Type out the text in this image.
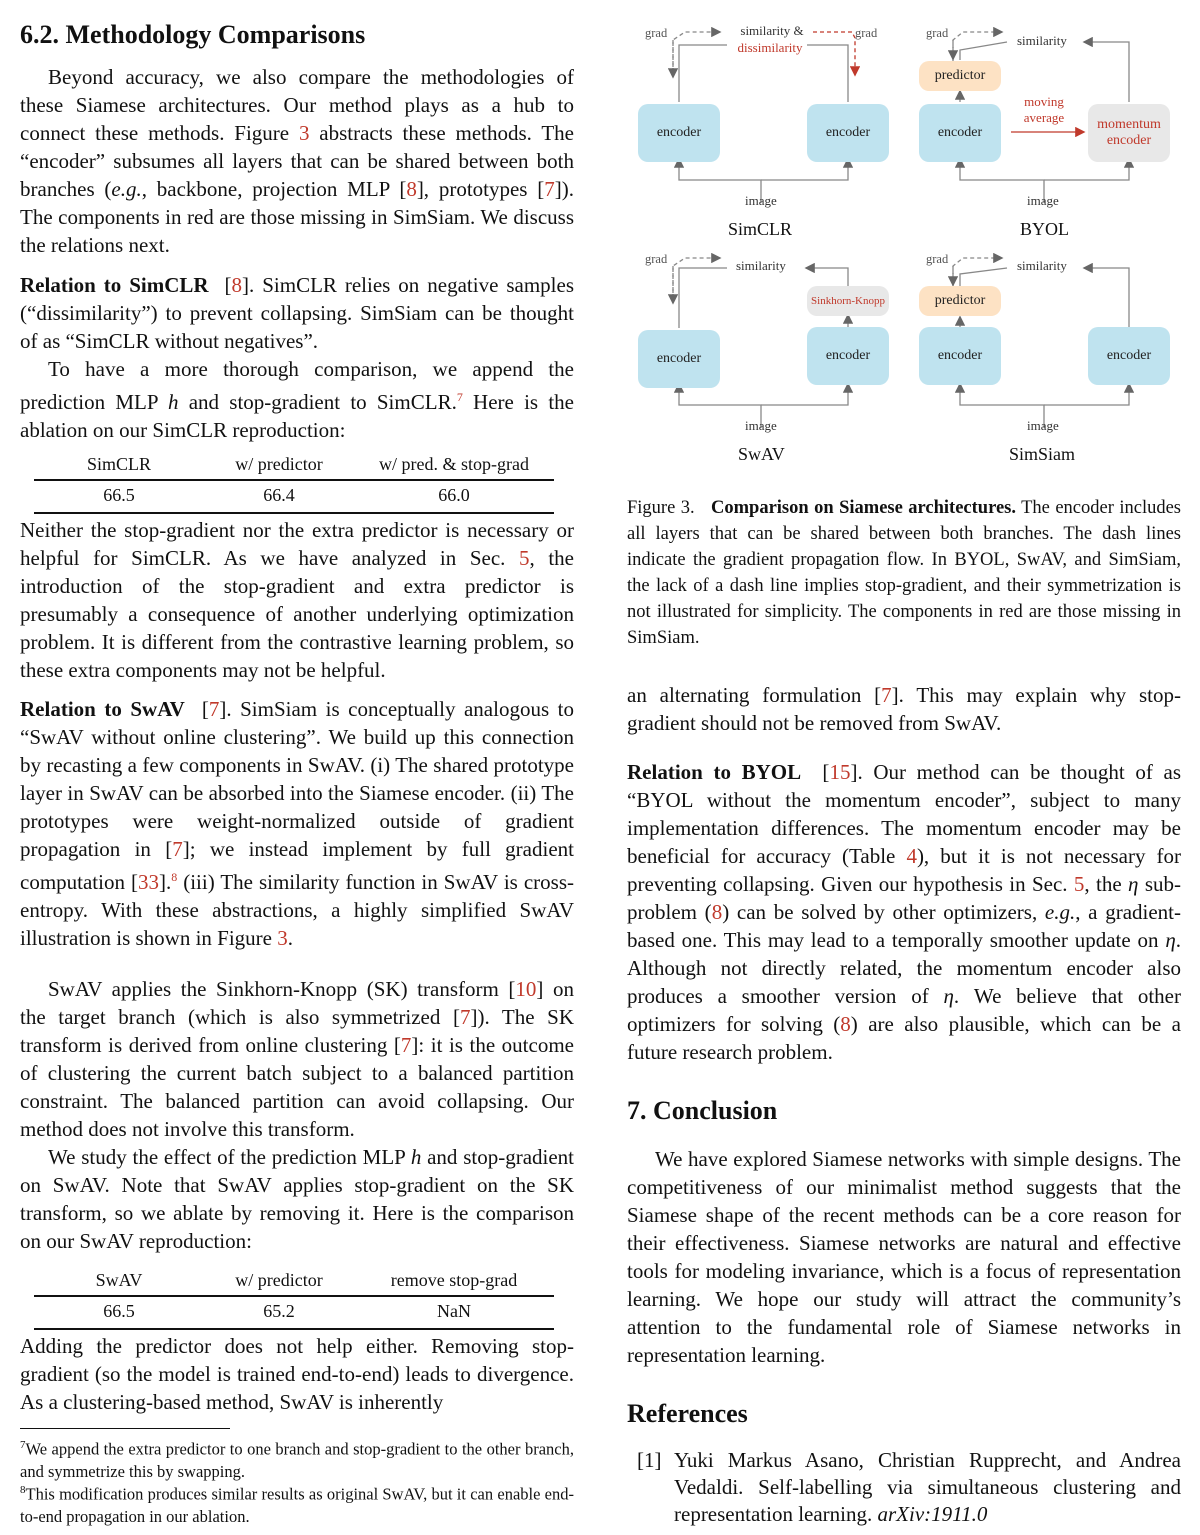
6.2. Methodology Comparisons

Beyond accuracy, we also compare the methodologies of these Siamese architectures. Our method plays as a hub to connect these methods. Figure 3 abstracts these methods. The “encoder” subsumes all layers that can be shared between both branches (e.g., backbone, projection MLP [8], prototypes [7]). The components in red are those missing in SimSiam. We discuss the relations next.

Relation to SimCLR  [8]. SimCLR relies on negative samples (“dissimilarity”) to prevent collapsing. SimSiam can be thought of as “SimCLR without negatives”.

To have a more thorough comparison, we append the prediction MLP h and stop-gradient to SimCLR.$^7$ Here is the ablation on our SimCLR reproduction:

SimCLR	w/ predictor	w/ pred. & stop-grad
66.5	66.4	66.0

Neither the stop-gradient nor the extra predictor is necessary or helpful for SimCLR. As we have analyzed in Sec. 5, the introduction of the stop-gradient and extra predictor is presumably a consequence of another underlying optimization problem. It is different from the contrastive learning problem, so these extra components may not be helpful.

Relation to SwAV  [7]. SimSiam is conceptually analogous to “SwAV without online clustering”. We build up this connection by recasting a few components in SwAV. (i) The shared prototype layer in SwAV can be absorbed into the Siamese encoder. (ii) The prototypes were weight-normalized outside of gradient propagation in [7]; we instead implement by full gradient computation [33].$^8$ (iii) The similarity function in SwAV is cross-entropy. With these abstractions, a highly simplified SwAV illustration is shown in Figure 3.

SwAV applies the Sinkhorn-Knopp (SK) transform [10] on the target branch (which is also symmetrized [7]). The SK transform is derived from online clustering [7]: it is the outcome of clustering the current batch subject to a balanced partition constraint. The balanced partition can avoid collapsing. Our method does not involve this transform.

We study the effect of the prediction MLP h and stop-gradient on SwAV. Note that SwAV applies stop-gradient on the SK transform, so we ablate by removing it. Here is the comparison on our SwAV reproduction:

SwAV	w/ predictor	remove stop-grad
66.5	65.2	NaN

Adding the predictor does not help either. Removing stop-gradient (so the model is trained end-to-end) leads to divergence. As a clustering-based method, SwAV is inherently

$^7$We append the extra predictor to one branch and stop-gradient to the other branch, and symmetrize this by swapping.
$^8$This modification produces similar results as original SwAV, but it can enable end-to-end propagation in our ablation.
grad	similarity &
dissimilarity
grad
encoder	encoder
image
SimCLR
grad	similarity
predictor
encoder
moving
average momentum
encoder
image
BYOL
grad	similarity
Sinkhorn-Knopp
encoder	encoder
image
SwAV
grad	similarity
predictor
encoder	encoder
image
SimSiam

Figure 3. Comparison on Siamese architectures. The encoder includes all layers that can be shared between both branches. The dash lines indicate the gradient propagation flow. In BYOL, SwAV, and SimSiam, the lack of a dash line implies stop-gradient, and their symmetrization is not illustrated for simplicity. The components in red are those missing in SimSiam.

an alternating formulation [7]. This may explain why stop-gradient should not be removed from SwAV.

Relation to BYOL  [15]. Our method can be thought of as “BYOL without the momentum encoder”, subject to many implementation differences. The momentum encoder may be beneficial for accuracy (Table 4), but it is not necessary for preventing collapsing. Given our hypothesis in Sec. 5, the η sub-problem (8) can be solved by other optimizers, e.g., a gradient-based one. This may lead to a temporally smoother update on η. Although not directly related, the momentum encoder also produces a smoother version of η. We believe that other optimizers for solving (8) are also plausible, which can be a future research problem.

7. Conclusion

We have explored Siamese networks with simple designs. The competitiveness of our minimalist method suggests that the Siamese shape of the recent methods can be a core reason for their effectiveness. Siamese networks are natural and effective tools for modeling invariance, which is a focus of representation learning. We hope our study will attract the community’s attention to the fundamental role of Siamese networks in representation learning.

References
[1] Yuki Markus Asano, Christian Rupprecht, and Andrea Vedaldi. Self-labelling via simultaneous clustering and representation learning. arXiv:1911.0
